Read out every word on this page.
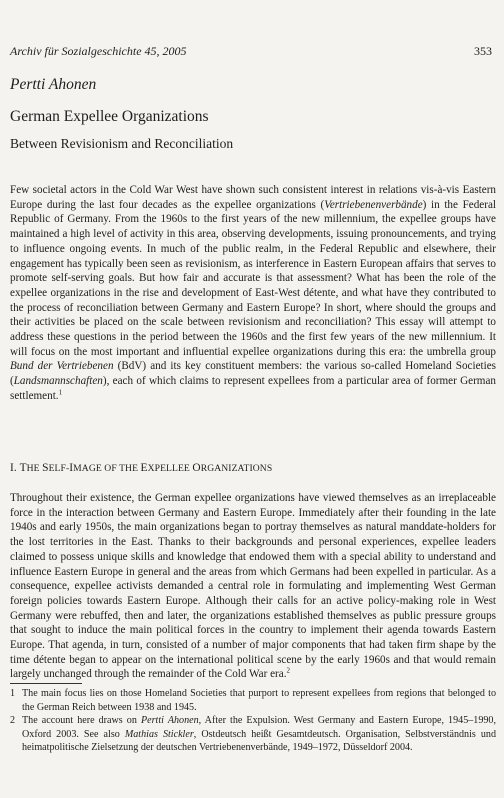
Archiv für Sozialgeschichte 45, 2005	353
Pertti Ahonen
German Expellee Organizations
Between Revisionism and Reconciliation

Few societal actors in the Cold War West have shown such consistent interest in relations vis-à-vis Eastern Europe during the last four decades as the expellee organizations (Vertriebenenverbände) in the Federal Republic of Germany. From the 1960s to the first years of the new millennium, the expellee groups have maintained a high level of activity in this area, observing developments, issuing pronouncements, and trying to influence ongoing events. In much of the public realm, in the Federal Republic and elsewhere, their engagement has typically been seen as revisionism, as interference in Eastern European affairs that serves to promote self-serving goals. But how fair and accurate is that assessment? What has been the role of the expellee organizations in the rise and development of East-West détente, and what have they contributed to the process of reconciliation between Germany and Eastern Europe? In short, where should the groups and their activities be placed on the scale between revisionism and reconciliation? This essay will attempt to address these questions in the period between the 1960s and the first few years of the new millennium. It will focus on the most important and influential expellee organizations during this era: the umbrella group Bund der Vertriebenen (BdV) and its key constituent members: the various so-called Homeland Societies (Landsmannschaften), each of which claims to represent expellees from a particular area of former German settlement.$^1$

I. THE SELF-IMAGE OF THE EXPELLEE ORGANIZATIONS

Throughout their existence, the German expellee organizations have viewed themselves as an irreplaceable force in the interaction between Germany and Eastern Europe. Immediately after their founding in the late 1940s and early 1950s, the main organizations began to portray themselves as natural manddate-holders for the lost territories in the East. Thanks to their backgrounds and personal experiences, expellee leaders claimed to possess unique skills and knowledge that endowed them with a special ability to understand and influence Eastern Europe in general and the areas from which Germans had been expelled in particular. As a consequence, expellee activists demanded a central role in formulating and implementing West German foreign policies towards Eastern Europe. Although their calls for an active policy-making role in West Germany were rebuffed, then and later, the organizations established themselves as public pressure groups that sought to induce the main political forces in the country to implement their agenda towards Eastern Europe. That agenda, in turn, consisted of a number of major components that had taken firm shape by the time détente began to appear on the international political scene by the early 1960s and that would remain largely unchanged through the remainder of the Cold War era.$^2$

1 The main focus lies on those Homeland Societies that purport to represent expellees from regions that belonged to the German Reich between 1938 and 1945.
2 The account here draws on Pertti Ahonen, After the Expulsion. West Germany and Eastern Europe, 1945–1990, Oxford 2003. See also Mathias Stickler, Ostdeutsch heißt Gesamtdeutsch. Organisation, Selbstverständnis und heimatpolitische Zielsetzung der deutschen Vertriebenenverbände, 1949–1972, Düsseldorf 2004.
